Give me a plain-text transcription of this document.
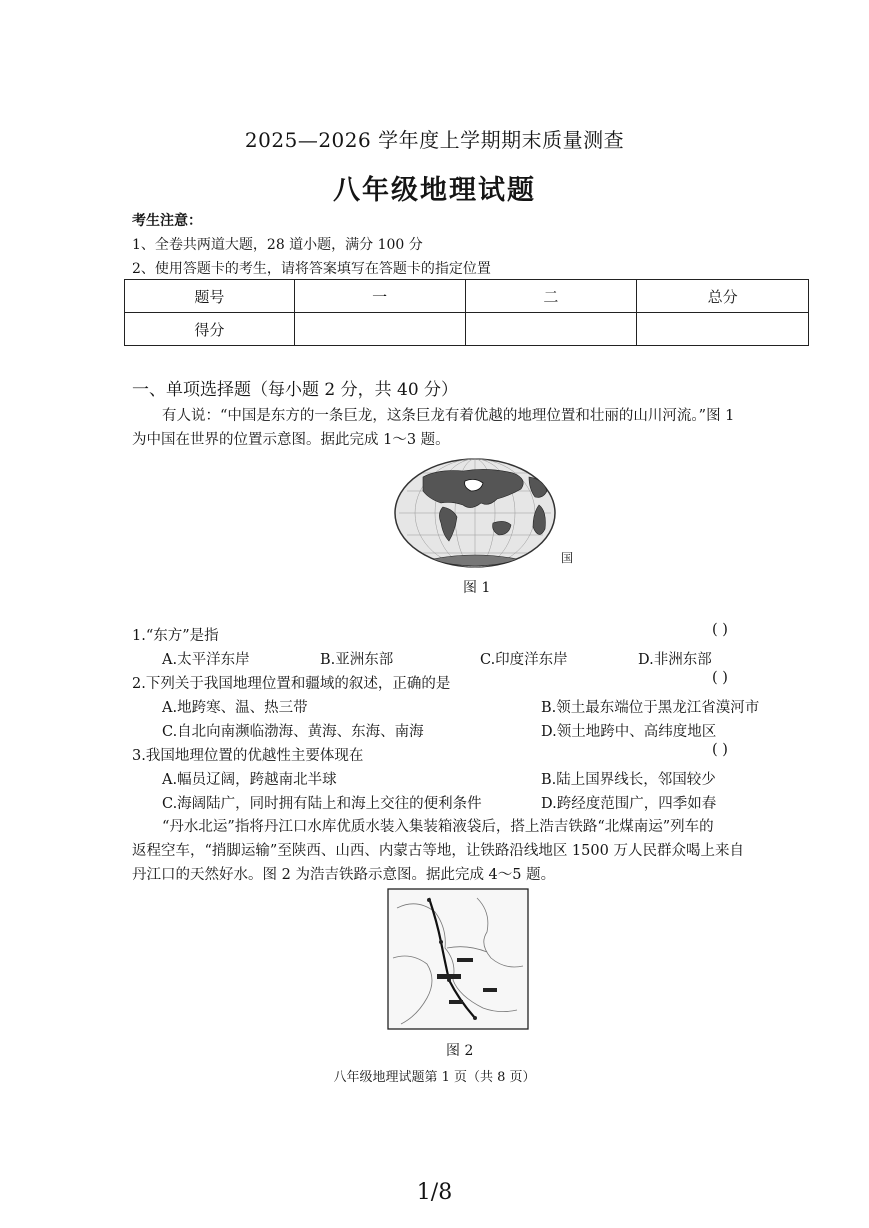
2025—2026 学年度上学期期末质量测查
八年级地理试题
考生注意：
1、全卷共两道大题，28 道小题，满分 100 分
2、使用答题卡的考生，请将答案填写在答题卡的指定位置
题号	一	二	总分
得分			
一、单项选择题（每小题 2 分，共 40 分）
有人说：“中国是东方的一条巨龙，这条巨龙有着优越的地理位置和壮丽的山川河流。”图 1
为中国在世界的位置示意图。据此完成 1～3 题。
国
图 1
1.“东方”是指	( )
A.太平洋东岸	B.亚洲东部	C.印度洋东岸	D.非洲东部
2.下列关于我国地理位置和疆域的叙述，正确的是	( )
A.地跨寒、温、热三带	B.领土最东端位于黑龙江省漠河市
C.自北向南濒临渤海、黄海、东海、南海	D.领土地跨中、高纬度地区
3.我国地理位置的优越性主要体现在	( )
A.幅员辽阔，跨越南北半球	B.陆上国界线长，邻国较少
C.海阔陆广，同时拥有陆上和海上交往的便利条件	D.跨经度范围广，四季如春
“丹水北运”指将丹江口水库优质水装入集装箱液袋后，搭上浩吉铁路“北煤南运”列车的
返程空车，“捎脚运输”至陕西、山西、内蒙古等地，让铁路沿线地区 1500 万人民群众喝上来自
丹江口的天然好水。图 2 为浩吉铁路示意图。据此完成 4～5 题。
图 2
八年级地理试题第 1 页（共 8 页）
1/8
